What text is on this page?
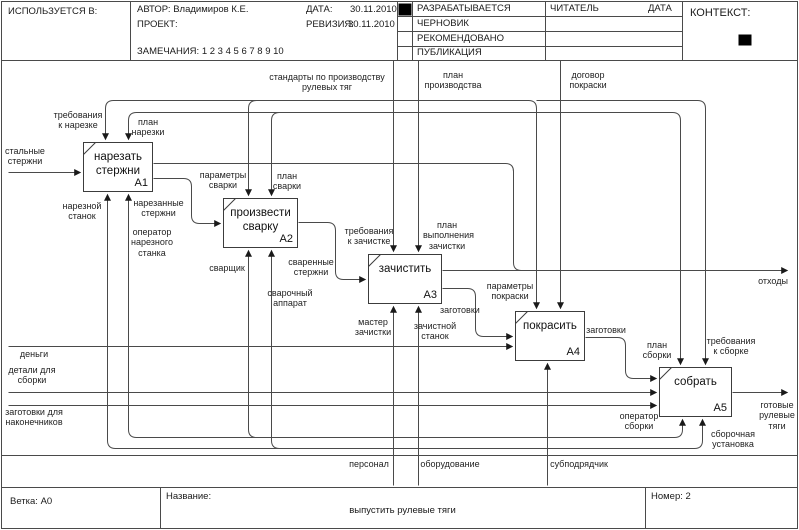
ИСПОЛЬЗУЕТСЯ В:	АВТОР: Владимиров К.Е.	ДАТА: 30.11.2010
ПРОЕКТ:	РЕВИЗИЯ:
30.11.2010
ЗАМЕЧАНИЯ: 1 2 3 4 5 6 7 8 9 10
РАЗРАБАТЫВАЕТСЯ
ЧЕРНОВИК
РЕКОМЕНДОВАНО
ПУБЛИКАЦИЯ
ЧИТАТЕЛЬ	ДАТА КОНТЕКСТ:
Ветка: А0	Название:
выпустить рулевые тяги
Номер: 2
нарезать стержни
А1
произвести сварку
А2
зачистить
А3
покрасить
А4
собрать
А5
стандарты по производству рулевых тяг
план производства
договор покраски
требования к нарезке	план нарезки
стальные стержни
нарезанные стержни
нарезной станок
оператор нарезного станка
параметры сварки
план сварки
сварщик
сварочный аппарат
сваренные стержни
требования к зачистке
план выполнения зачистки
мастер зачистки
зачистной станок
заготовки
параметры покраски
заготовки
план сборки
требования к сборке
оператор сборки
сборочная установка
отходы
готовые рулевые тяги
деньги
детали для сборки
заготовки для наконечников
персонал	оборудование	субподрядчик
